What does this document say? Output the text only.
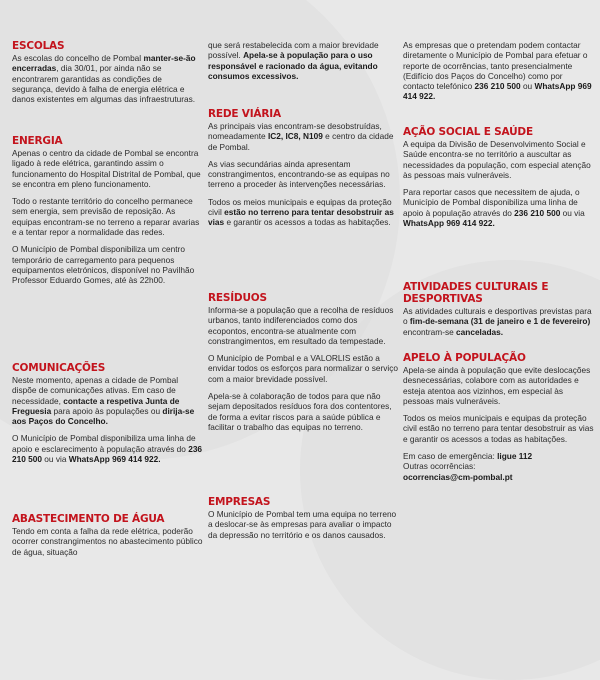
ESCOLAS

As escolas do concelho de Pombal manter-se-ão encerradas, dia 30/01, por ainda não se encontrarem garantidas as condições de segurança, devido à falha de energia elétrica e danos existentes em algumas das infraestruturas.

ENERGIA

Apenas o centro da cidade de Pombal se encontra ligado à rede elétrica, garantindo assim o funcionamento do Hospital Distrital de Pombal, que se encontra em pleno funcionamento.

Todo o restante território do concelho permanece sem energia, sem previsão de reposição. As equipas encontram-se no terreno a reparar avarias e a tentar repor a normalidade das redes.

O Município de Pombal disponibiliza um centro temporário de carregamento para pequenos equipamentos eletrónicos, disponível no Pavilhão Professor Eduardo Gomes, até às 22h00.

COMUNICAÇÕES

Neste momento, apenas a cidade de Pombal dispõe de comunicações ativas. Em caso de necessidade, contacte a respetiva Junta de Freguesia para apoio às populações ou dirija-se aos Paços do Concelho.

O Município de Pombal disponibiliza uma linha de apoio e esclarecimento à população através do 236 210 500 ou via WhatsApp 969 414 922.

ABASTECIMENTO DE ÁGUA

Tendo em conta a falha da rede elétrica, poderão ocorrer constrangimentos no abastecimento público de água, situação

que será restabelecida com a maior brevidade possível. Apela-se à população para o uso responsável e racionado da água, evitando consumos excessivos.

REDE VIÁRIA

As principais vias encontram-se desobstruídas, nomeadamente IC2, IC8, N109 e centro da cidade de Pombal.

As vias secundárias ainda apresentam constrangimentos, encontrando-se as equipas no terreno a proceder às intervenções necessárias.

Todos os meios municipais e equipas da proteção civil estão no terreno para tentar desobstruir as vias e garantir os acessos a todas as habitações.

RESÍDUOS

Informa-se a população que a recolha de resíduos urbanos, tanto indiferenciados como dos ecopontos, encontra-se atualmente com constrangimentos, em resultado da tempestade.

O Município de Pombal e a VALORLIS estão a envidar todos os esforços para normalizar o serviço com a maior brevidade possível.

Apela-se à colaboração de todos para que não sejam depositados resíduos fora dos contentores, de forma a evitar riscos para a saúde pública e facilitar o trabalho das equipas no terreno.

EMPRESAS

O Município de Pombal tem uma equipa no terreno a deslocar-se às empresas para avaliar o impacto da depressão no território e os danos causados.

As empresas que o pretendam podem contactar diretamente o Município de Pombal para efetuar o reporte de ocorrências, tanto presencialmente (Edifício dos Paços do Concelho) como por contacto telefónico 236 210 500 ou WhatsApp 969 414 922.

AÇÃO SOCIAL E SAÚDE

A equipa da Divisão de Desenvolvimento Social e Saúde encontra-se no território a auscultar as necessidades da população, com especial atenção às pessoas mais vulneráveis.

Para reportar casos que necessitem de ajuda, o Município de Pombal disponibiliza uma linha de apoio à população através do 236 210 500 ou via WhatsApp 969 414 922.

ATIVIDADES CULTURAIS E DESPORTIVAS

As atividades culturais e desportivas previstas para o fim-de-semana (31 de janeiro e 1 de fevereiro) encontram-se canceladas.

APELO À POPULAÇÃO

Apela-se ainda à população que evite deslocações desnecessárias, colabore com as autoridades e esteja atentoa aos vizinhos, em especial às pessoas mais vulneráveis.

Todos os meios municipais e equipas da proteção civil estão no terreno para tentar desobstruir as vias e garantir os acessos a todas as habitações.

Em caso de emergência: ligue 112
Outras ocorrências:
ocorrencias@cm-pombal.pt
